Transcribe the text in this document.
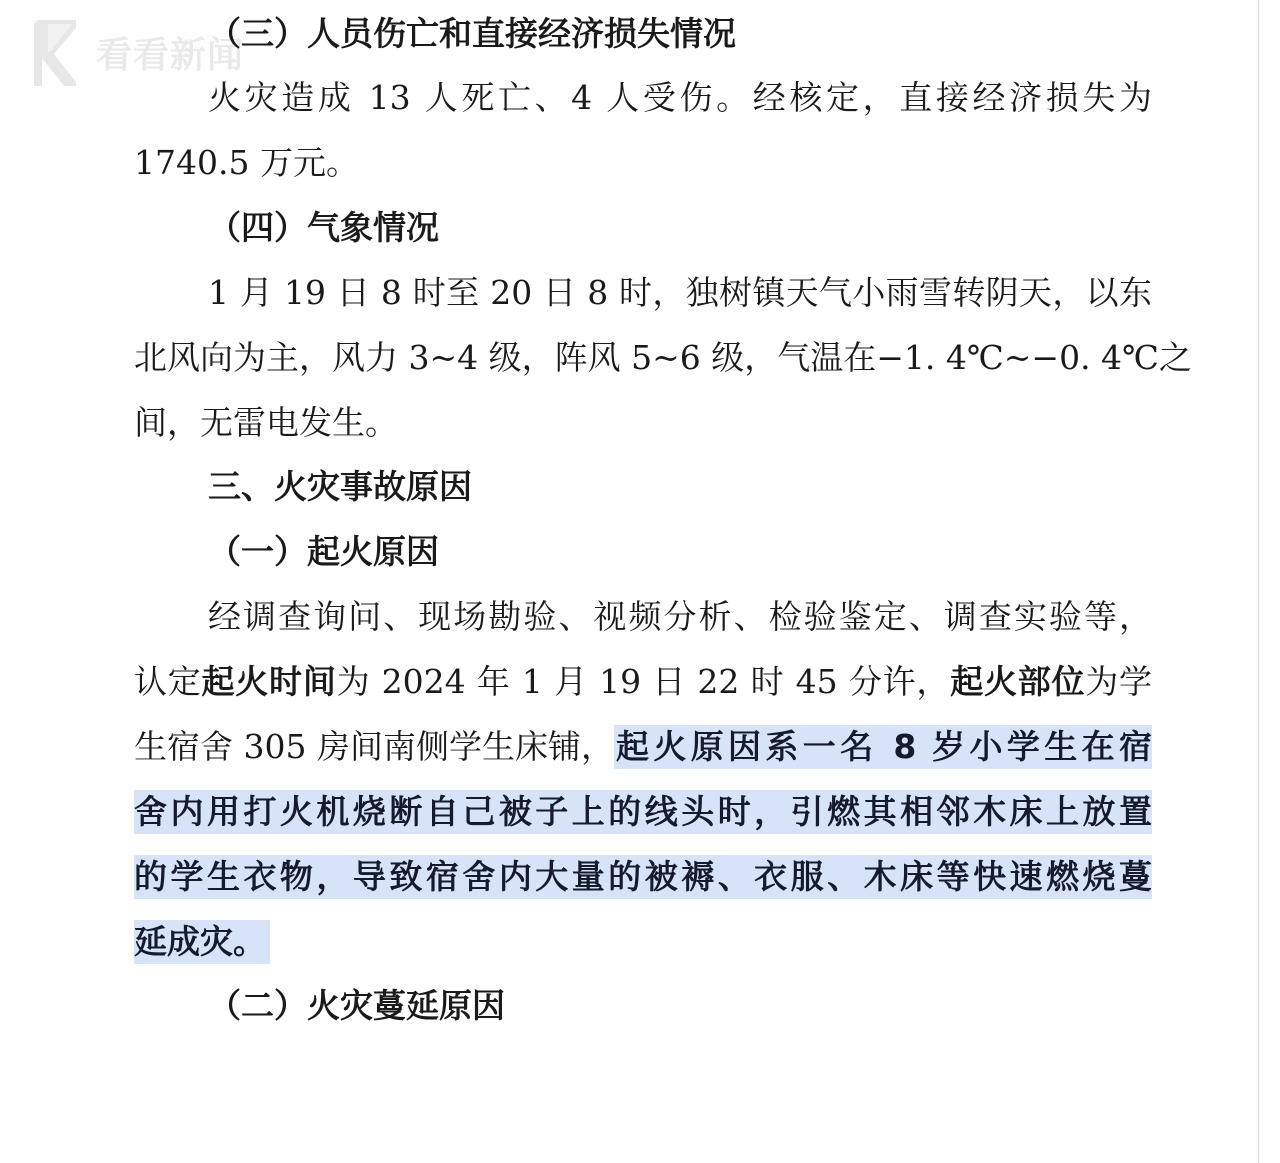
看看新闻
（三）人员伤亡和直接经济损失情况
火灾造成 13 人死亡、4 人受伤。经核定，直接经济损失为
1740.5 万元。
（四）气象情况
1 月 19 日 8 时至 20 日 8 时，独树镇天气小雨雪转阴天，以东
北风向为主，风力 3~4 级，阵风 5~6 级，气温在−1. 4℃~−0. 4℃之
间，无雷电发生。
三、火灾事故原因
（一）起火原因
经调查询问、现场勘验、视频分析、检验鉴定、调查实验等，
认定起火时间为 2024 年 1 月 19 日 22 时 45 分许，起火部位为学
生宿舍 305 房间南侧学生床铺， 起火原因系一名 8 岁小学生在宿
舍内用打火机烧断自己被子上的线头时，引燃其相邻木床上放置
的学生衣物，导致宿舍内大量的被褥、衣服、木床等快速燃烧蔓
延成灾。
（二）火灾蔓延原因
